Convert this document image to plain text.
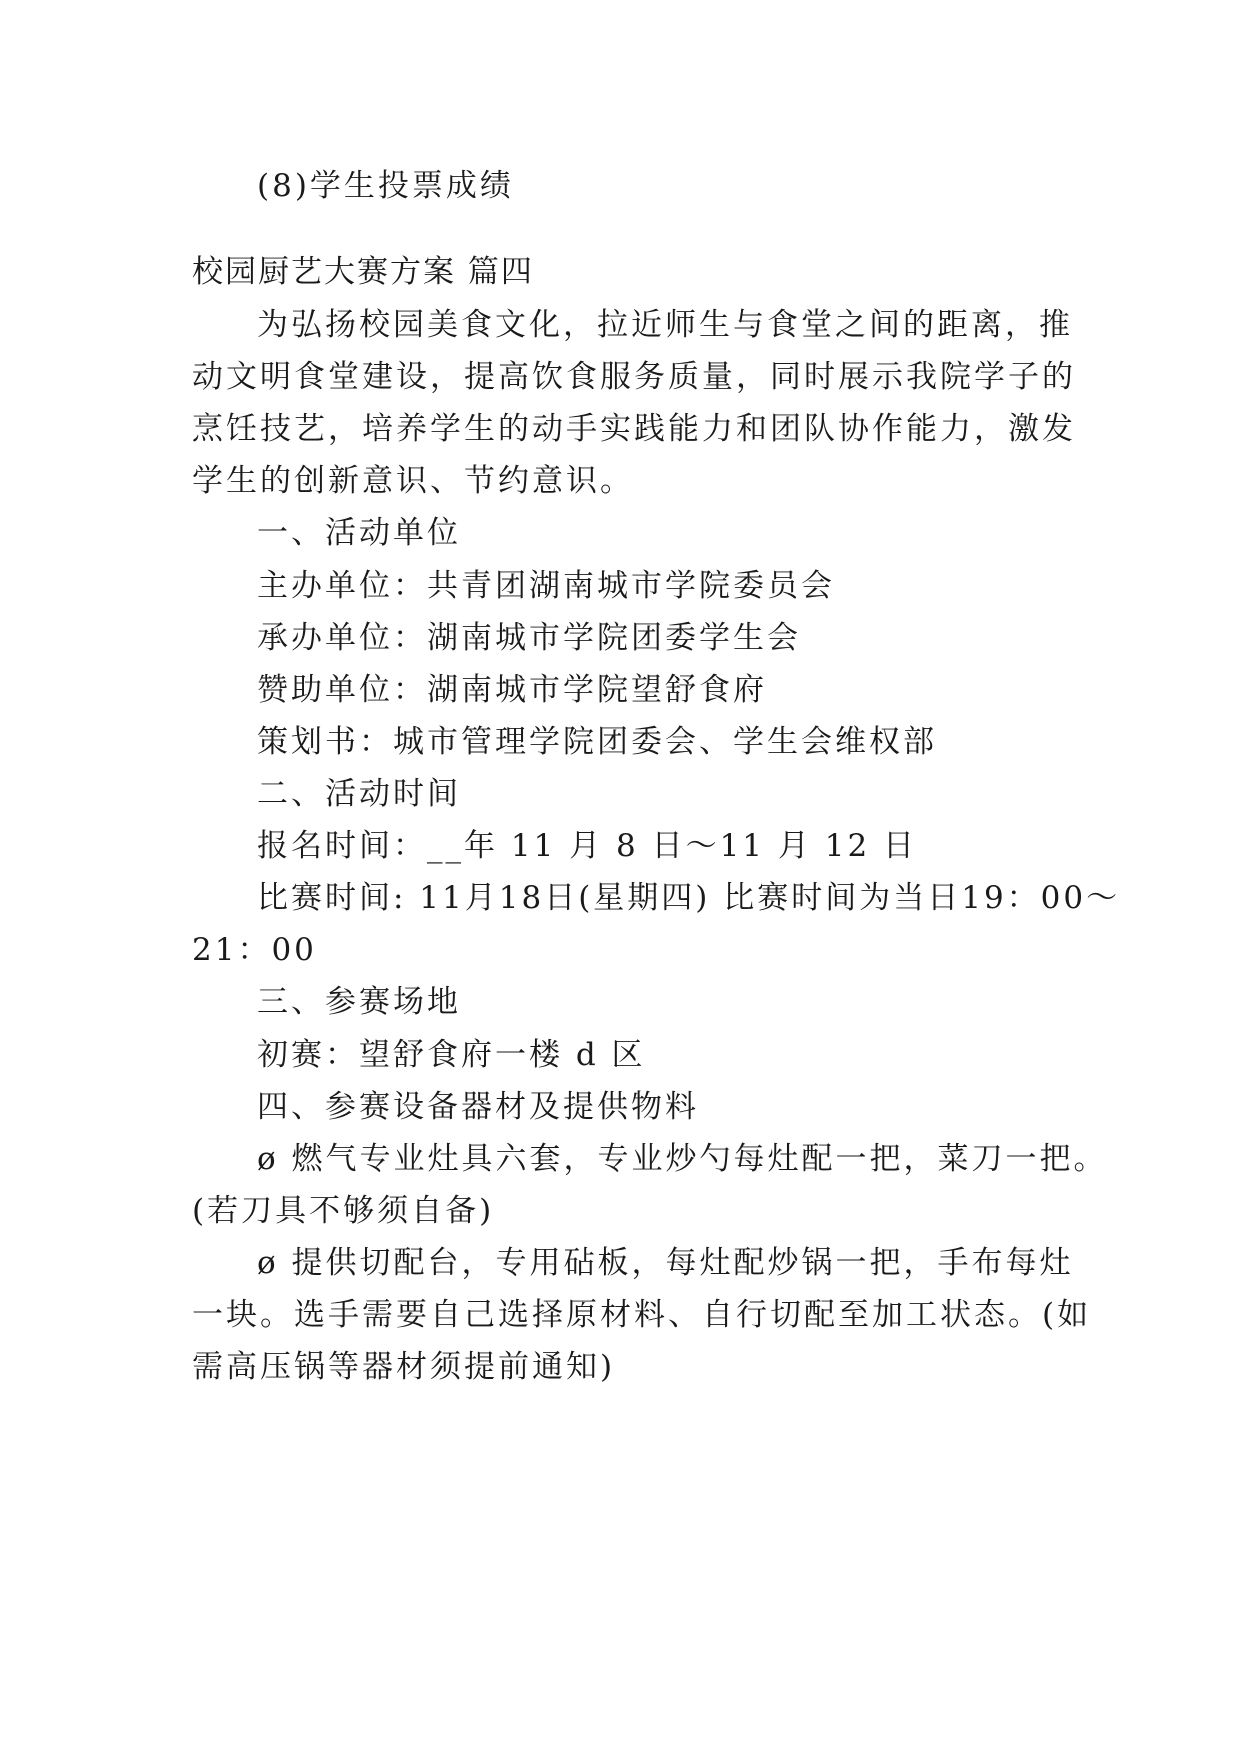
(8)学生投票成绩
校园厨艺大赛方案 篇四
为弘扬校园美食文化，拉近师生与食堂之间的距离，推
动文明食堂建设，提高饮食服务质量，同时展示我院学子的
烹饪技艺，培养学生的动手实践能力和团队协作能力，激发
学生的创新意识、节约意识。
一、活动单位
主办单位：共青团湖南城市学院委员会
承办单位：湖南城市学院团委学生会
赞助单位：湖南城市学院望舒食府
策划书：城市管理学院团委会、学生会维权部
二、活动时间
报名时间：__年 11 月 8 日～11 月 12 日
比赛时间: 11月18日(星期四) 比赛时间为当日19：00～
21：00
三、参赛场地
初赛：望舒食府一楼 d 区
四、参赛设备器材及提供物料
ø 燃气专业灶具六套，专业炒勺每灶配一把，菜刀一把。
(若刀具不够须自备)
ø 提供切配台，专用砧板，每灶配炒锅一把，手布每灶
一块。选手需要自己选择原材料、自行切配至加工状态。(如
需高压锅等器材须提前通知)
